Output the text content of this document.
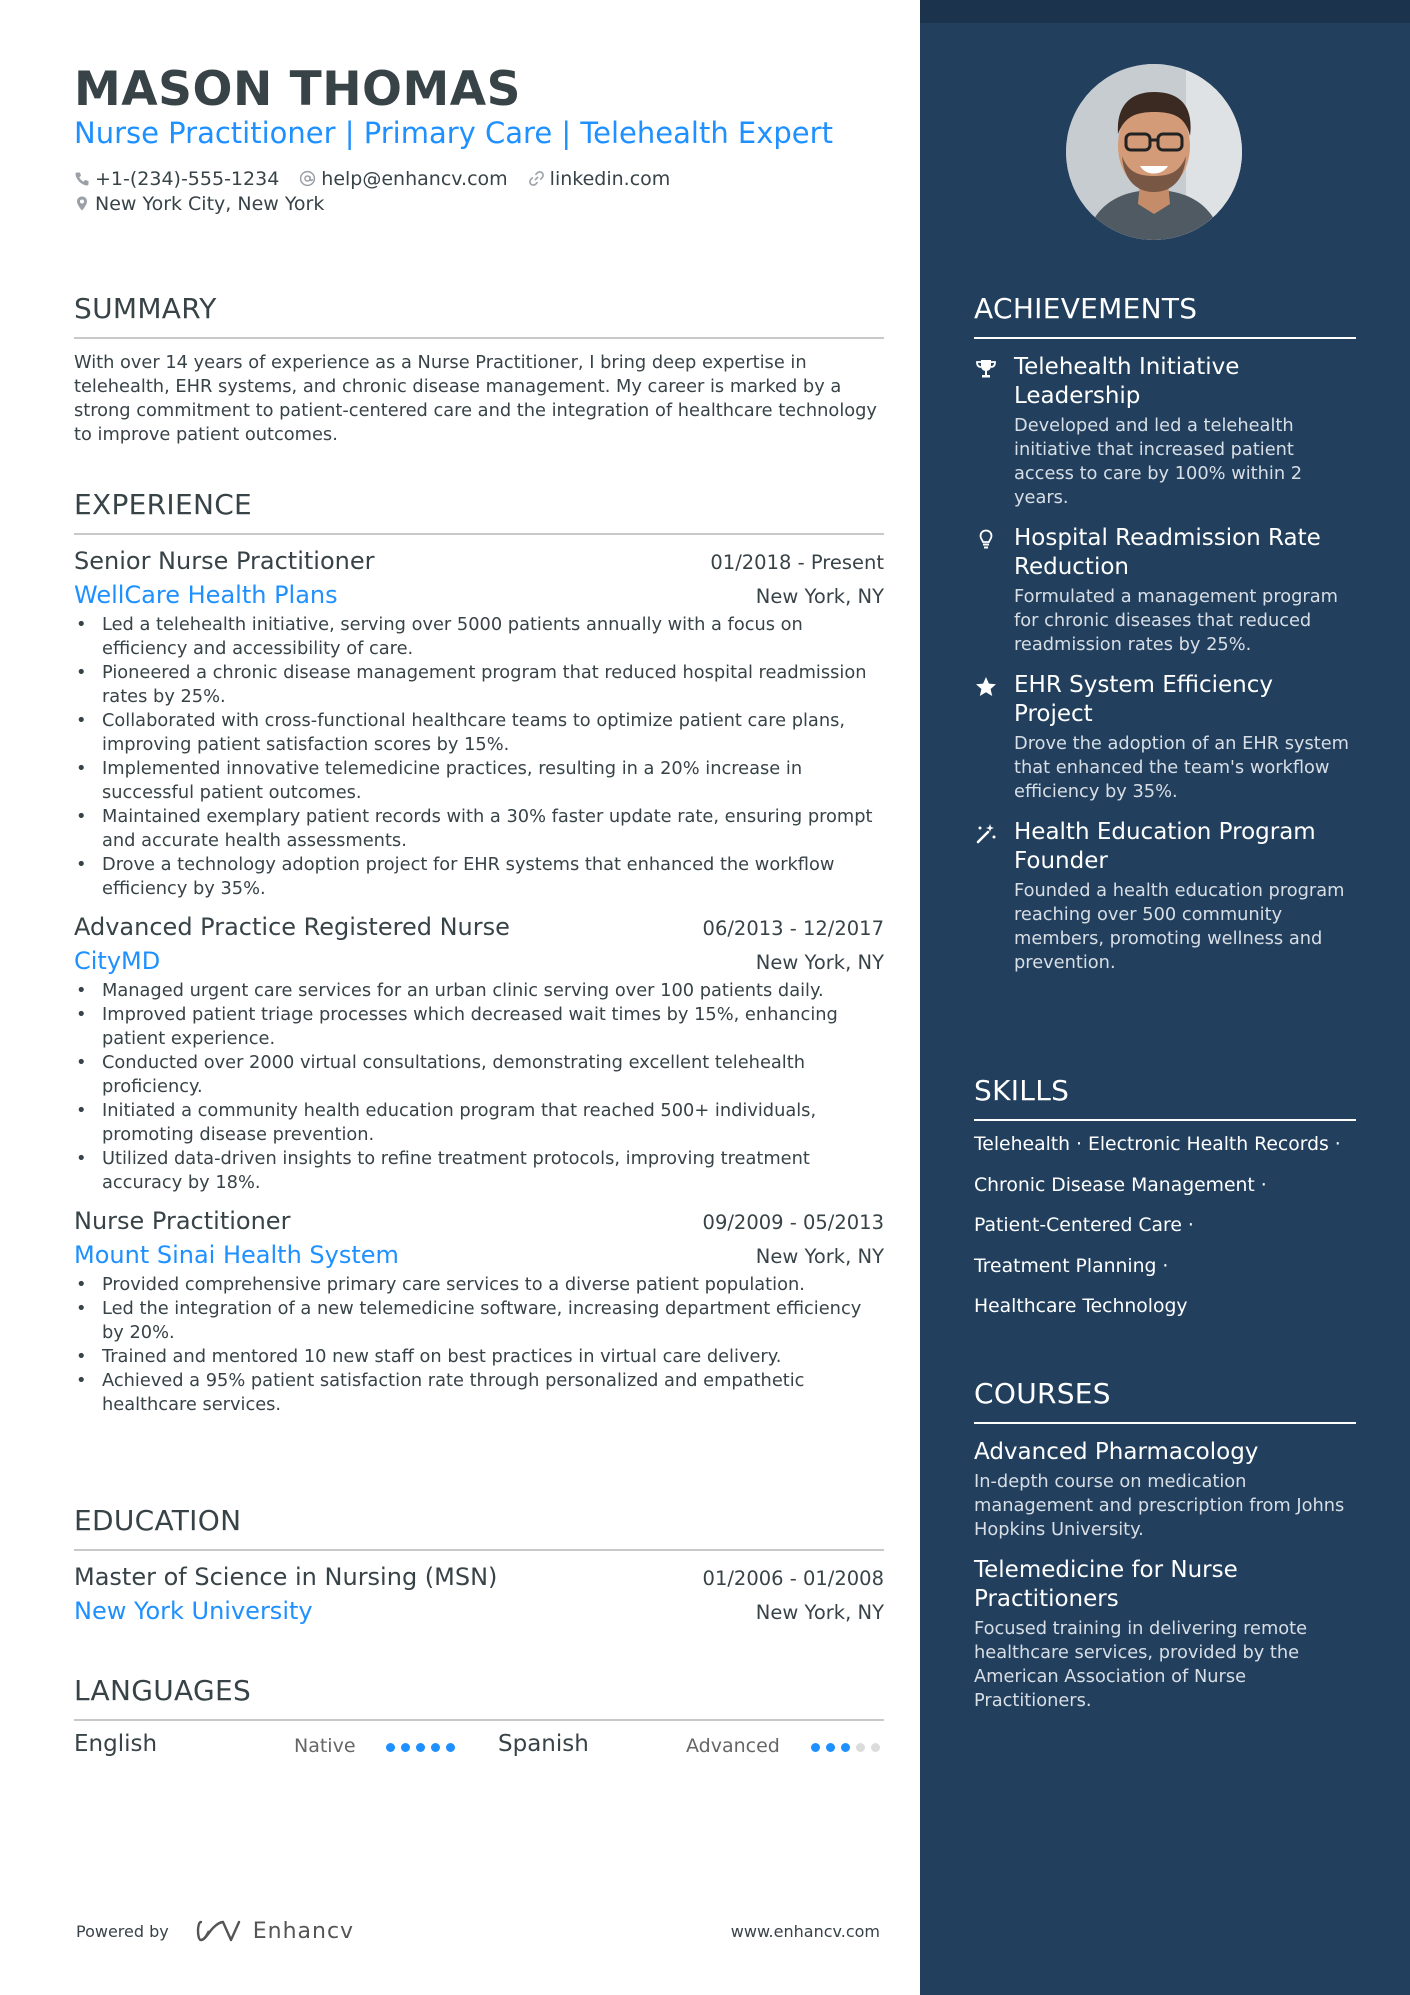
MASON THOMAS
Nurse Practitioner | Primary Care | Telehealth Expert
+1-(234)-555-1234 help@enhancv.com linkedin.com
New York City, New York
SUMMARY
With over 14 years of experience as a Nurse Practitioner, I bring deep expertise in telehealth, EHR systems, and chronic disease management. My career is marked by a strong commitment to patient-centered care and the integration of healthcare technology to improve patient outcomes.
EXPERIENCE
Senior Nurse Practitioner	01/2018 - Present
WellCare Health Plans	New York, NY
• Led a telehealth initiative, serving over 5000 patients annually with a focus on efficiency and accessibility of care.
• Pioneered a chronic disease management program that reduced hospital readmission rates by 25%.
• Collaborated with cross-functional healthcare teams to optimize patient care plans, improving patient satisfaction scores by 15%.
• Implemented innovative telemedicine practices, resulting in a 20% increase in successful patient outcomes.
• Maintained exemplary patient records with a 30% faster update rate, ensuring prompt and accurate health assessments.
• Drove a technology adoption project for EHR systems that enhanced the workflow efficiency by 35%.
Advanced Practice Registered Nurse	06/2013 - 12/2017
CityMD	New York, NY
• Managed urgent care services for an urban clinic serving over 100 patients daily.
• Improved patient triage processes which decreased wait times by 15%, enhancing patient experience.
• Conducted over 2000 virtual consultations, demonstrating excellent telehealth proficiency.
• Initiated a community health education program that reached 500+ individuals, promoting disease prevention.
• Utilized data-driven insights to refine treatment protocols, improving treatment accuracy by 18%.
Nurse Practitioner	09/2009 - 05/2013
Mount Sinai Health System	New York, NY
• Provided comprehensive primary care services to a diverse patient population.
• Led the integration of a new telemedicine software, increasing department efficiency by 20%.
• Trained and mentored 10 new staff on best practices in virtual care delivery.
• Achieved a 95% patient satisfaction rate through personalized and empathetic healthcare services.
EDUCATION
Master of Science in Nursing (MSN)	01/2006 - 01/2008
New York University	New York, NY
LANGUAGES
English	Native	Spanish	Advanced
Powered by	Enhancv	www.enhancv.com
ACHIEVEMENTS
Telehealth Initiative Leadership
Developed and led a telehealth initiative that increased patient access to care by 100% within 2 years.
Hospital Readmission Rate Reduction
Formulated a management program for chronic diseases that reduced readmission rates by 25%.
EHR System Efficiency Project
Drove the adoption of an EHR system that enhanced the team's workflow efficiency by 35%.
Health Education Program Founder
Founded a health education program reaching over 500 community members, promoting wellness and prevention.
SKILLS
Telehealth · Electronic Health Records ·
Chronic Disease Management ·
Patient-Centered Care ·
Treatment Planning ·
Healthcare Technology
COURSES
Advanced Pharmacology
In-depth course on medication management and prescription from Johns Hopkins University.
Telemedicine for Nurse Practitioners
Focused training in delivering remote healthcare services, provided by the American Association of Nurse Practitioners.
